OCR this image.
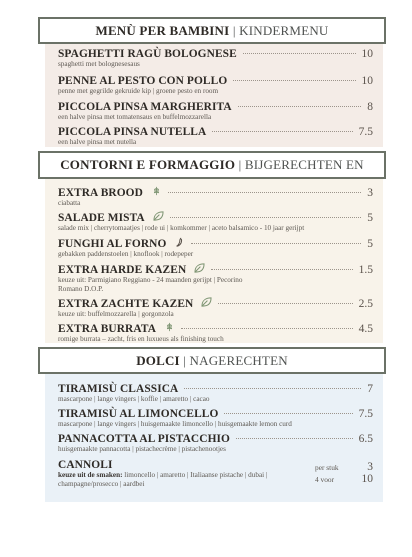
MENÙ PER BAMBINI | KINDERMENU
SPAGHETTI RAGÙ BOLOGNESE	10
spaghetti met bolognesesaus
PENNE AL PESTO CON POLLO	10
penne met gegrilde gekruide kip | groene pesto en room
PICCOLA PINSA MARGHERITA	8
een halve pinsa met tomatensaus en buffelmozzarella
PICCOLA PINSA NUTELLA	7.5
een halve pinsa met nutella
CONTORNI E FORMAGGIO | BIJGERECHTEN EN
EXTRA BROOD	3
ciabatta
SALADE MISTA	5
salade mix | cherrytomaatjes | rode ui | komkommer | aceto balsamico - 10 jaar gerijpt
FUNGHI AL FORNO	5
gebakken paddenstoelen | knoflook | rodepeper
EXTRA HARDE KAZEN	1.5
keuze uit: Parmigiano Reggiano - 24 maanden gerijpt | Pecorino Romano D.O.P.
EXTRA ZACHTE KAZEN	2.5
keuze uit: buffelmozzarella | gorgonzola
EXTRA BURRATA	4.5
romige burrata – zacht, fris en luxueus als finishing touch
DOLCI | NAGERECHTEN
TIRAMISÙ CLASSICA	7
mascarpone | lange vingers | koffie | amaretto | cacao
TIRAMISÙ AL LIMONCELLO	7.5
mascarpone | lange vingers | huisgemaakte limoncello | huisgemaakte lemon curd
PANNACOTTA AL PISTACCHIO	6.5
huisgemaakte pannacotta | pistachecrème | pistachenootjes
CANNOLI
keuze uit de smaken: limoncello | amaretto | Italiaanse pistache | dubai | champagne/prosecco | aardbei
per stuk 3
4 voor 10
